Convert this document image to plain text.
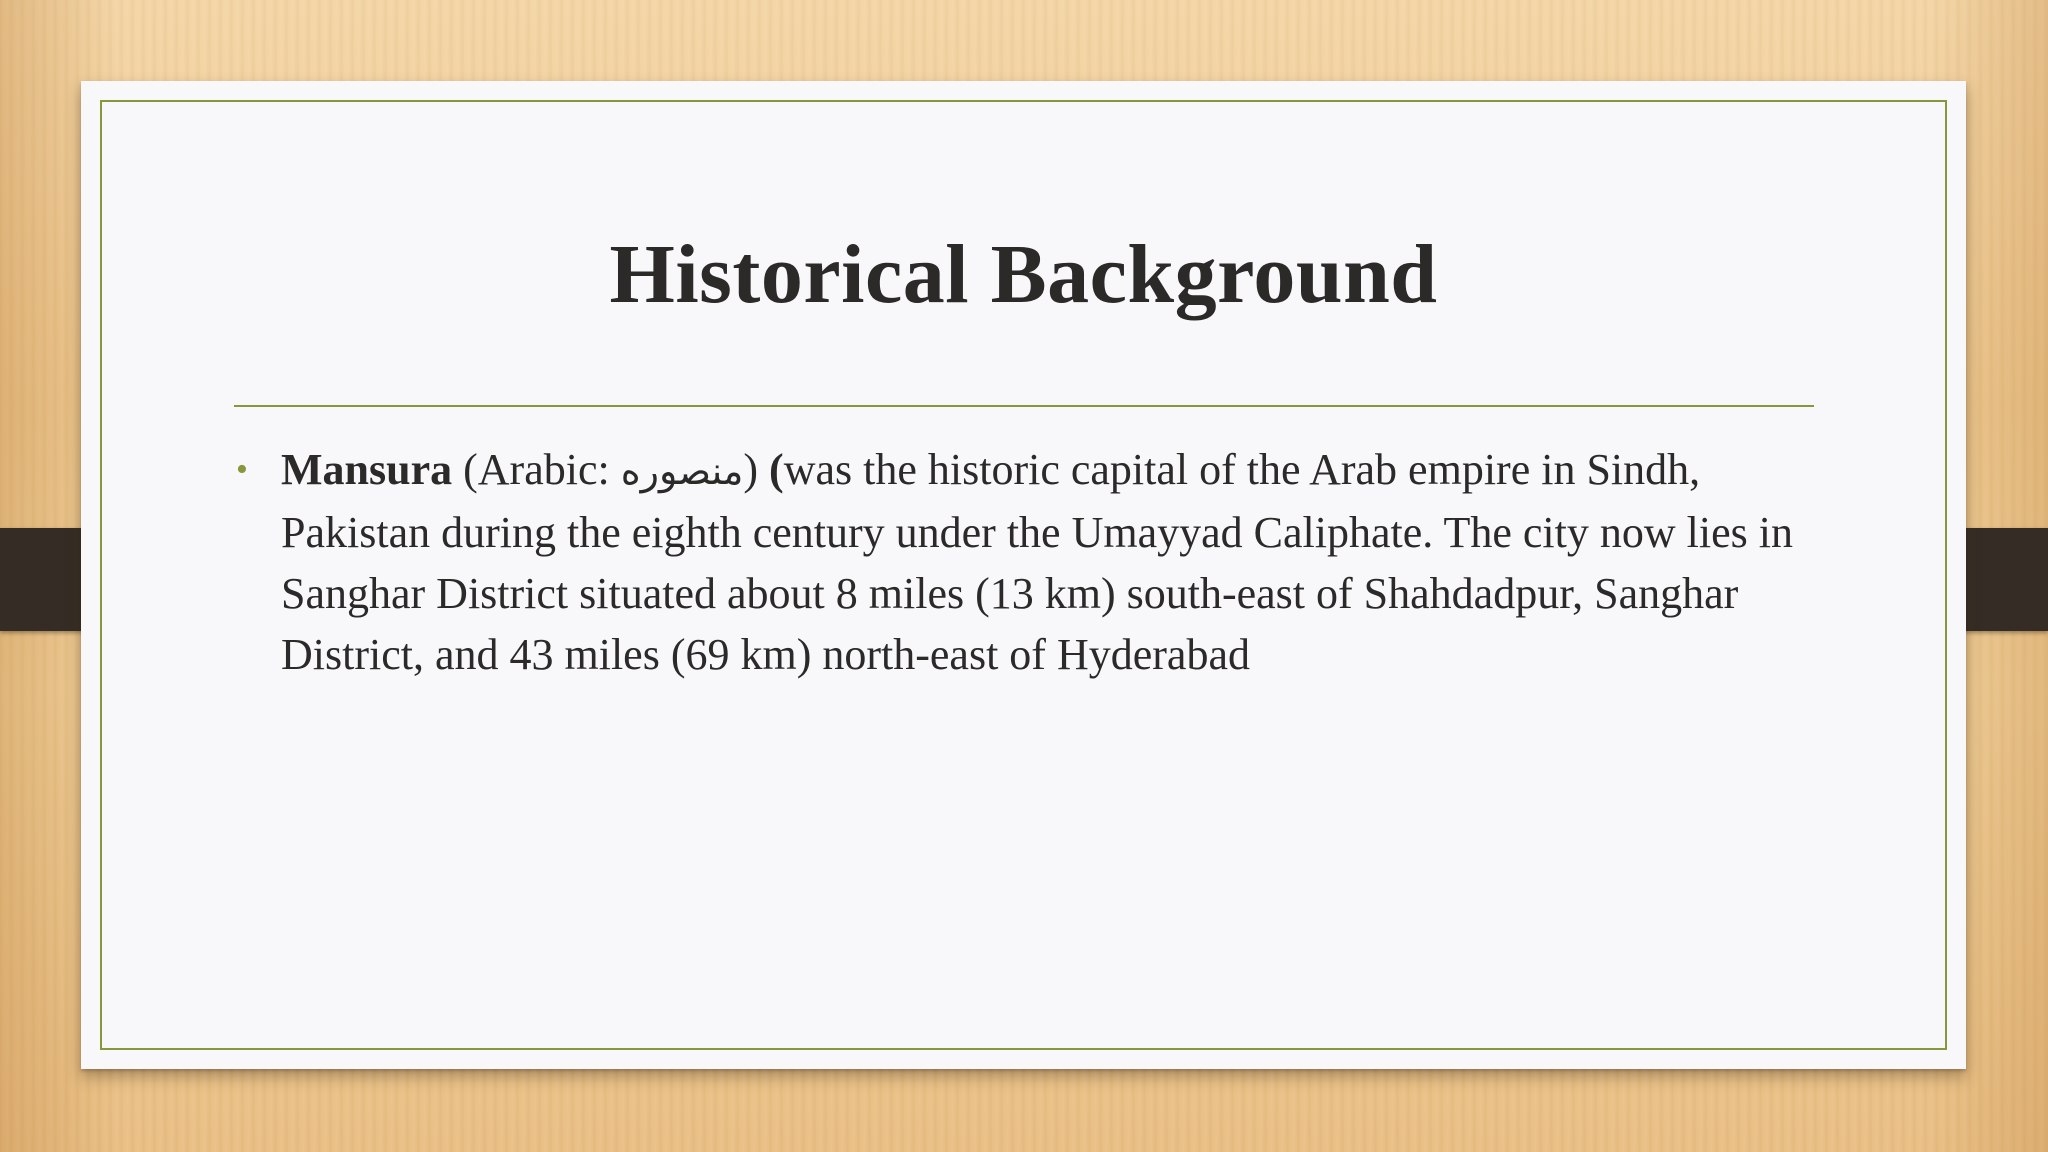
Historical Background
• Mansura (Arabic: منصوره) (was the historic capital of the Arab empire in Sindh, Pakistan during the eighth century under the Umayyad Caliphate. The city now lies in Sanghar District situated about 8 miles (13 km) south-east of Shahdadpur, Sanghar District, and 43 miles (69 km) north-east of Hyderabad
